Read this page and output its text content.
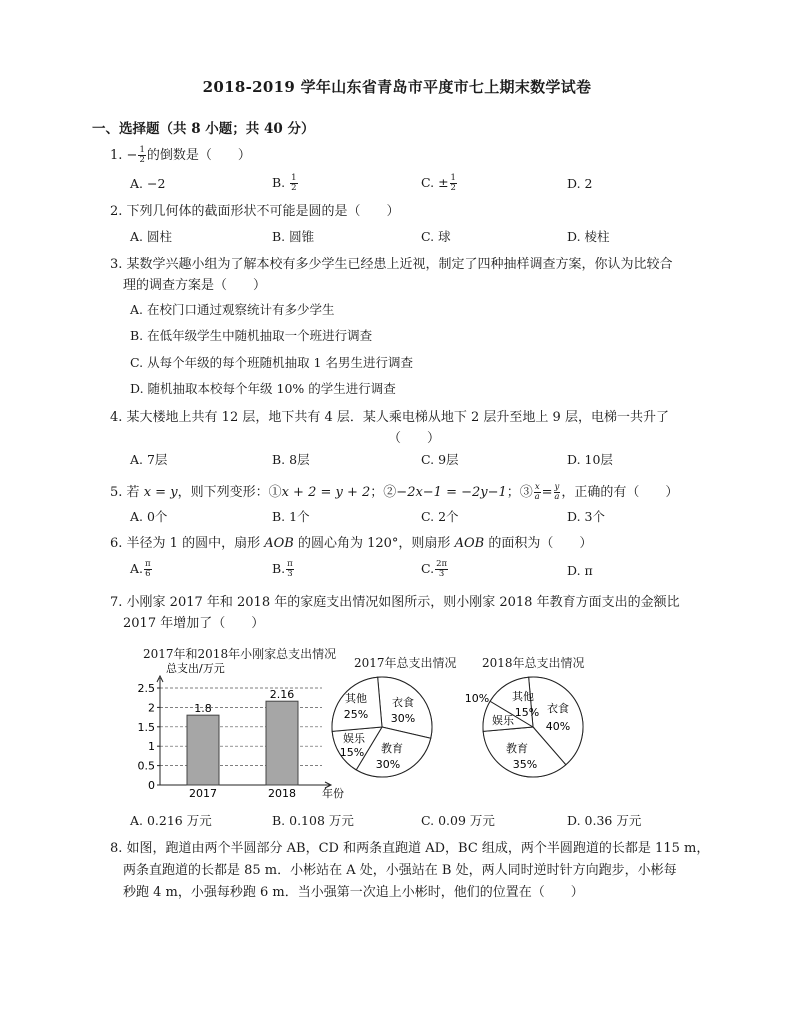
2018-2019 学年山东省青岛市平度市七上期末数学试卷
一、选择题（共 8 小题；共 40 分）
1. − $\frac{1}{2}$ 的倒数是（　　）
A. −2	B. $\frac{1}{2}$	C. ± $\frac{1}{2}$	D. 2
2. 下列几何体的截面形状不可能是圆的是（　　）
A. 圆柱	B. 圆锥	C. 球	D. 棱柱
3. 某数学兴趣小组为了解本校有多少学生已经患上近视，制定了四种抽样调查方案，你认为比较合
理的调查方案是（　　）
A. 在校门口通过观察统计有多少学生
B. 在低年级学生中随机抽取一个班进行调查
C. 从每个年级的每个班随机抽取 1 名男生进行调查
D. 随机抽取本校每个年级 10% 的学生进行调查
4. 某大楼地上共有 12 层，地下共有 4 层．某人乘电梯从地下 2 层升至地上 9 层，电梯一共升了
（　　）
A. 7层	B. 8层	C. 9层	D. 10层
5. 若 x = y，则下列变形：①x + 2 = y + 2；②−2x−1 = −2y−1；③ $\frac{x}{a} = \frac{y}{a}$ ，正确的有（　　）
A. 0个	B. 1个	C. 2个	D. 3个
6. 半径为 1 的圆中，扇形 AOB 的圆心角为 120°，则扇形 AOB 的面积为（　　）
A. $\frac{\pi}{6}$	B. $\frac{\pi}{3}$	C. $\frac{2\pi}{3}$	D. π
7. 小刚家 2017 年和 2018 年的家庭支出情况如图所示，则小刚家 2018 年教育方面支出的金额比
2017 年增加了（　　）
2017年和2018年小刚家总支出情况
总支出/万元
0
0.5
1
1.5
2
2.5
年份
1.8
2017
2.16
2018
2017年总支出情况
衣食
30%
教育
30%
娱乐
15%
其他
25%
2018年总支出情况
衣食
40%
教育
35%
娱乐
10% 其他
15%
A. 0.216 万元	B. 0.108 万元	C. 0.09 万元	D. 0.36 万元
8. 如图，跑道由两个半圆部分 AB，CD 和两条直跑道 AD，BC 组成，两个半圆跑道的长都是 115 m，
两条直跑道的长都是 85 m．小彬站在 A 处，小强站在 B 处，两人同时逆时针方向跑步，小彬每
秒跑 4 m，小强每秒跑 6 m．当小强第一次追上小彬时，他们的位置在（　　）
